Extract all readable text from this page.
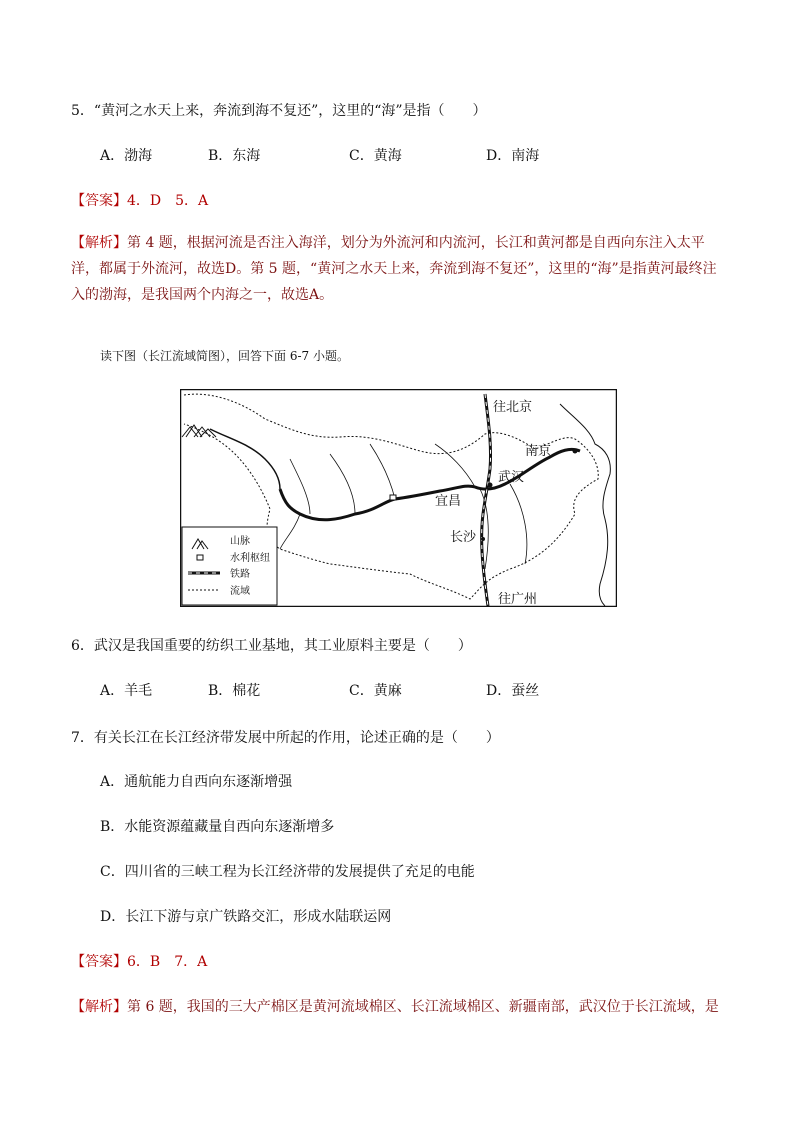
5．“黄河之水天上来，奔流到海不复还”，这里的“海”是指（　　）
A．渤海	B．东海	C．黄海	D．南海
【答案】4．D　5．A
【解析】第 4 题，根据河流是否注入海洋，划分为外流河和内流河，长江和黄河都是自西向东注入太平洋，都属于外流河，故选D。第 5 题，“黄河之水天上来，奔流到海不复还”，这里的“海”是指黄河最终注入的渤海，是我国两个内海之一，故选A。
读下图（长江流域简图），回答下面 6-7 小题。
往北京
南京
武汉
宜昌
长沙
往广州
山脉
水利枢纽
铁路
流域
6．武汉是我国重要的纺织工业基地，其工业原料主要是（　　）
A．羊毛	B．棉花	C．黄麻	D．蚕丝
7．有关长江在长江经济带发展中所起的作用，论述正确的是（　　）
A．通航能力自西向东逐渐增强
B．水能资源蕴藏量自西向东逐渐增多
C．四川省的三峡工程为长江经济带的发展提供了充足的电能
D．长江下游与京广铁路交汇，形成水陆联运网
【答案】6．B　7．A
【解析】第 6 题，我国的三大产棉区是黄河流域棉区、长江流域棉区、新疆南部，武汉位于长江流域，是
